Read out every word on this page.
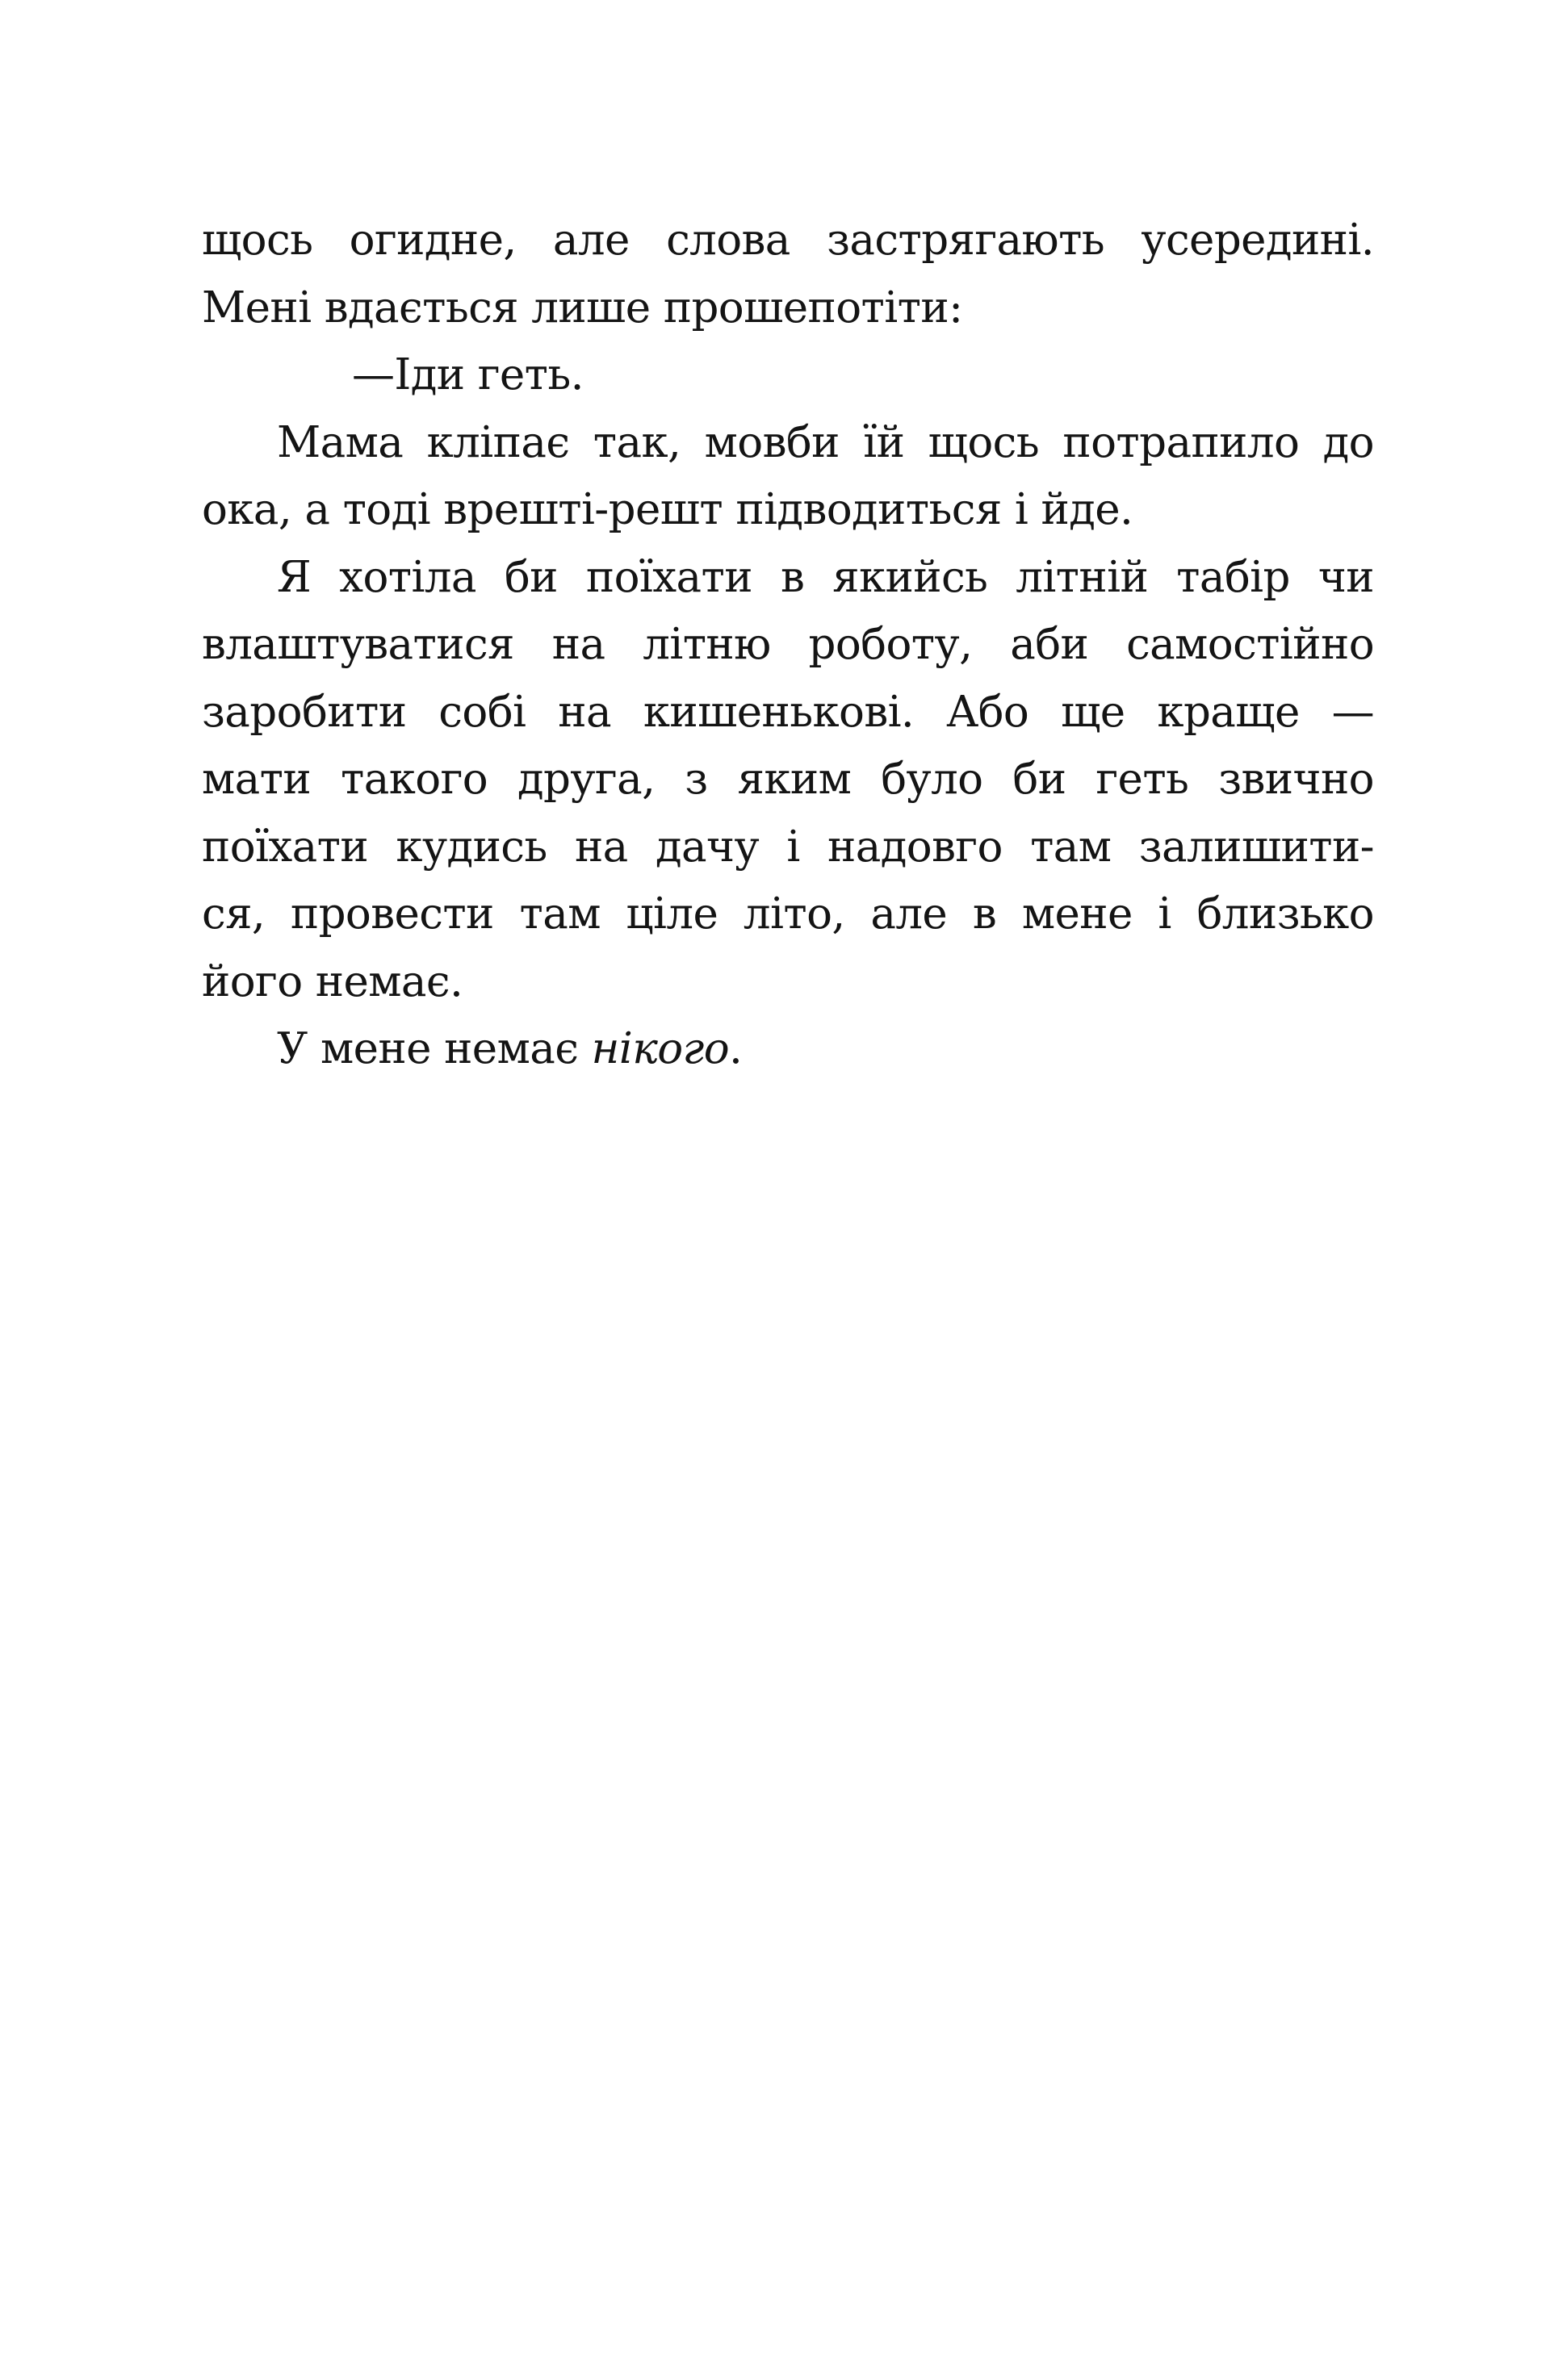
щось огидне, але слова застрягають усередині.
Мені вдається лише прошепотіти:

—Іди геть.

Мама кліпає так, мовби їй щось потрапило до
ока, а тоді врешті-решт підводиться і йде.

Я хотіла би поїхати в якийсь літній табір чи
влаштуватися на літню роботу, аби самостійно
заробити собі на кишенькові. Або ще краще —
мати такого друга, з яким було би геть звично
поїхати кудись на дачу і надовго там залишити-
ся, провести там ціле літо, але в мене і близько
його немає.

У мене немає нікого.
